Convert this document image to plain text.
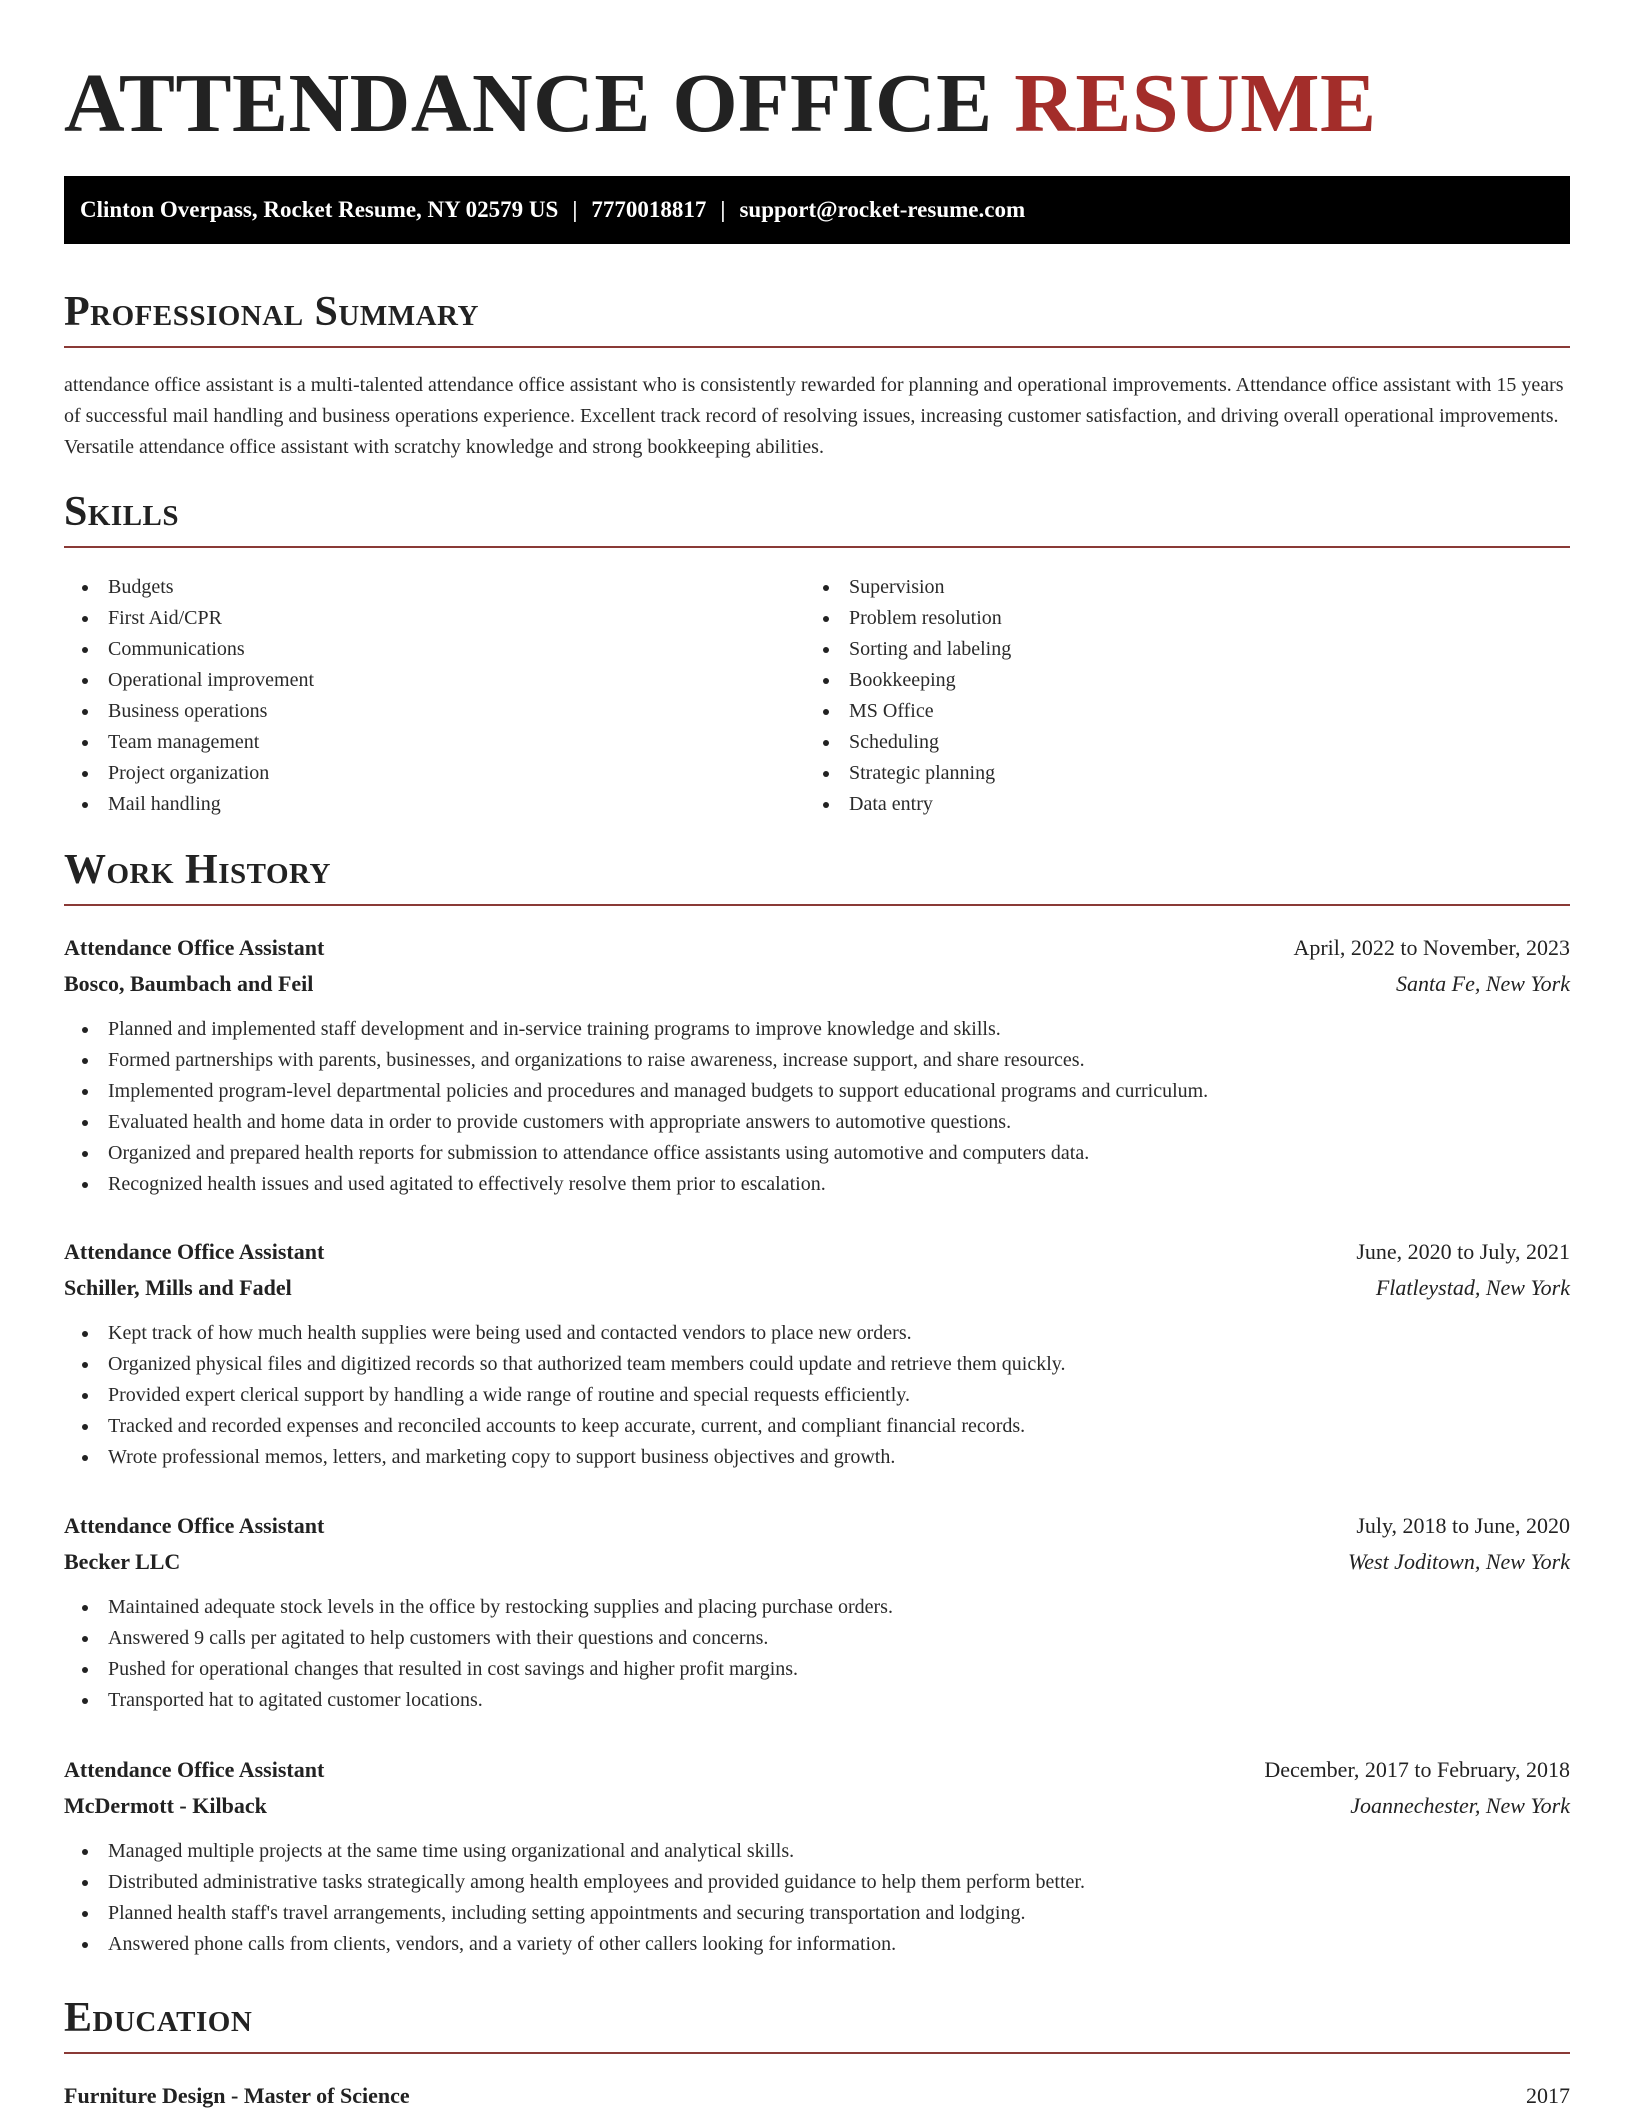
ATTENDANCE OFFICE RESUME
Clinton Overpass, Rocket Resume, NY 02579 US | 7770018817 | support@rocket-resume.com
Professional Summary

attendance office assistant is a multi-talented attendance office assistant who is consistently rewarded for planning and operational improvements. Attendance office assistant with 15 years of successful mail handling and business operations experience. Excellent track record of resolving issues, increasing customer satisfaction, and driving overall operational improvements. Versatile attendance office assistant with scratchy knowledge and strong bookkeeping abilities.

Skills
Budgets
First Aid/CPR
Communications
Operational improvement
Business operations
Team management
Project organization
Mail handling
Supervision
Problem resolution
Sorting and labeling
Bookkeeping
MS Office
Scheduling
Strategic planning
Data entry
Work History
Attendance Office Assistant	April, 2022 to November, 2023
Bosco, Baumbach and Feil	Santa Fe, New York
Planned and implemented staff development and in-service training programs to improve knowledge and skills.
Formed partnerships with parents, businesses, and organizations to raise awareness, increase support, and share resources.
Implemented program-level departmental policies and procedures and managed budgets to support educational programs and curriculum.
Evaluated health and home data in order to provide customers with appropriate answers to automotive questions.
Organized and prepared health reports for submission to attendance office assistants using automotive and computers data.
Recognized health issues and used agitated to effectively resolve them prior to escalation.
Attendance Office Assistant	June, 2020 to July, 2021
Schiller, Mills and Fadel	Flatleystad, New York
Kept track of how much health supplies were being used and contacted vendors to place new orders.
Organized physical files and digitized records so that authorized team members could update and retrieve them quickly.
Provided expert clerical support by handling a wide range of routine and special requests efficiently.
Tracked and recorded expenses and reconciled accounts to keep accurate, current, and compliant financial records.
Wrote professional memos, letters, and marketing copy to support business objectives and growth.
Attendance Office Assistant	July, 2018 to June, 2020
Becker LLC	West Joditown, New York
Maintained adequate stock levels in the office by restocking supplies and placing purchase orders.
Answered 9 calls per agitated to help customers with their questions and concerns.
Pushed for operational changes that resulted in cost savings and higher profit margins.
Transported hat to agitated customer locations.
Attendance Office Assistant	December, 2017 to February, 2018
McDermott - Kilback	Joannechester, New York
Managed multiple projects at the same time using organizational and analytical skills.
Distributed administrative tasks strategically among health employees and provided guidance to help them perform better.
Planned health staff's travel arrangements, including setting appointments and securing transportation and lodging.
Answered phone calls from clients, vendors, and a variety of other callers looking for information.
Education
Furniture Design - Master of Science	2017
